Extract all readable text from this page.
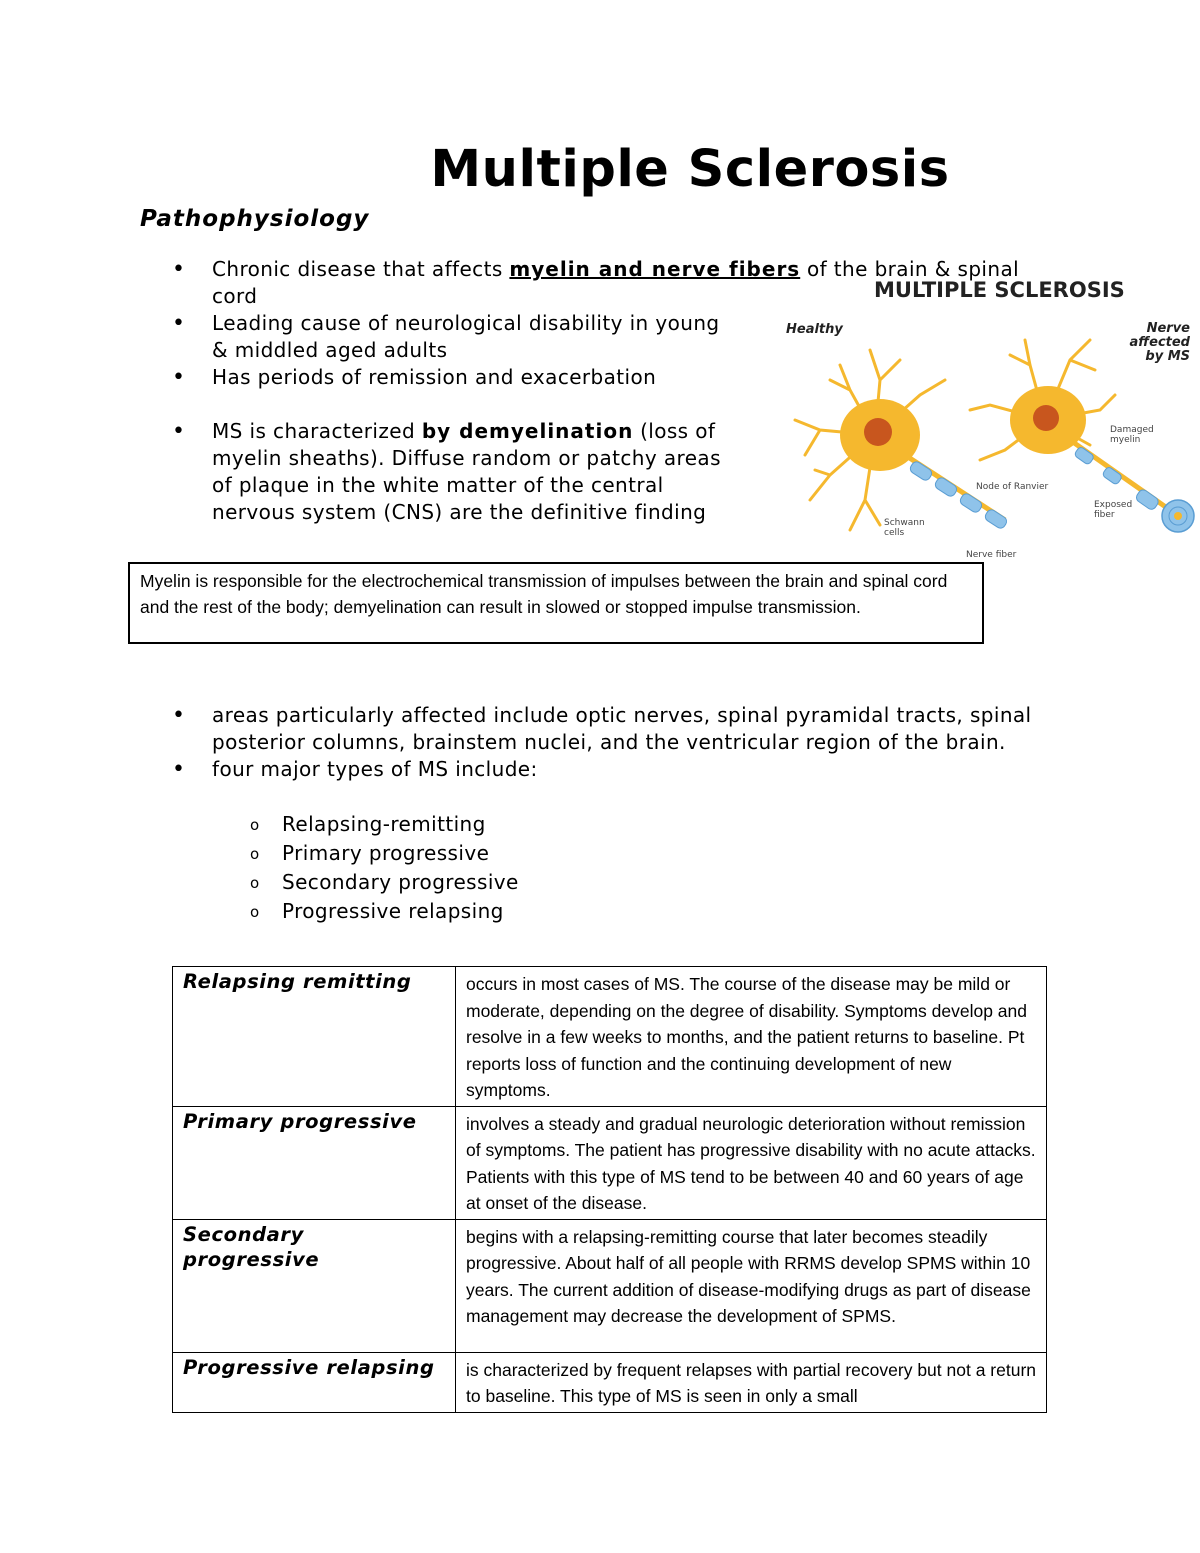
Multiple Sclerosis
Pathophysiology
• Chronic disease that affects myelin and nerve fibers of the brain & spinal cord
• Leading cause of neurological disability in young & middled aged adults
• Has periods of remission and exacerbation
• MS is characterized by demyelination (loss of myelin sheaths). Diffuse random or patchy areas of plaque in the white matter of the central nervous system (CNS) are the definitive finding
MULTIPLE SCLEROSIS
Healthy	Nerve affected
by MS
Damaged
myelin
Node of Ranvier
Exposed
fiber
Schwann
cells
Nerve fiber
Myelin is responsible for the electrochemical transmission of impulses between the brain and spinal cord and the rest of the body; demyelination can result in slowed or stopped impulse transmission.
• areas particularly affected include optic nerves, spinal pyramidal tracts, spinal posterior columns, brainstem nuclei, and the ventricular region of the brain.
• four major types of MS include:
o Relapsing-remitting
o Primary progressive
o Secondary progressive
o Progressive relapsing
Relapsing remitting	occurs in most cases of MS. The course of the disease may be mild or moderate, depending on the degree of disability. Symptoms develop and resolve in a few weeks to months, and the patient returns to baseline. Pt reports loss of function and the continuing development of new symptoms.
Primary progressive	involves a steady and gradual neurologic deterioration without remission of symptoms. The patient has progressive disability with no acute attacks. Patients with this type of MS tend to be between 40 and 60 years of age at onset of the disease.
Secondary progressive	begins with a relapsing-remitting course that later becomes steadily progressive. About half of all people with RRMS develop SPMS within 10 years. The current addition of disease-modifying drugs as part of disease management may decrease the development of SPMS.
Progressive relapsing	is characterized by frequent relapses with partial recovery but not a return to baseline. This type of MS is seen in only a small
